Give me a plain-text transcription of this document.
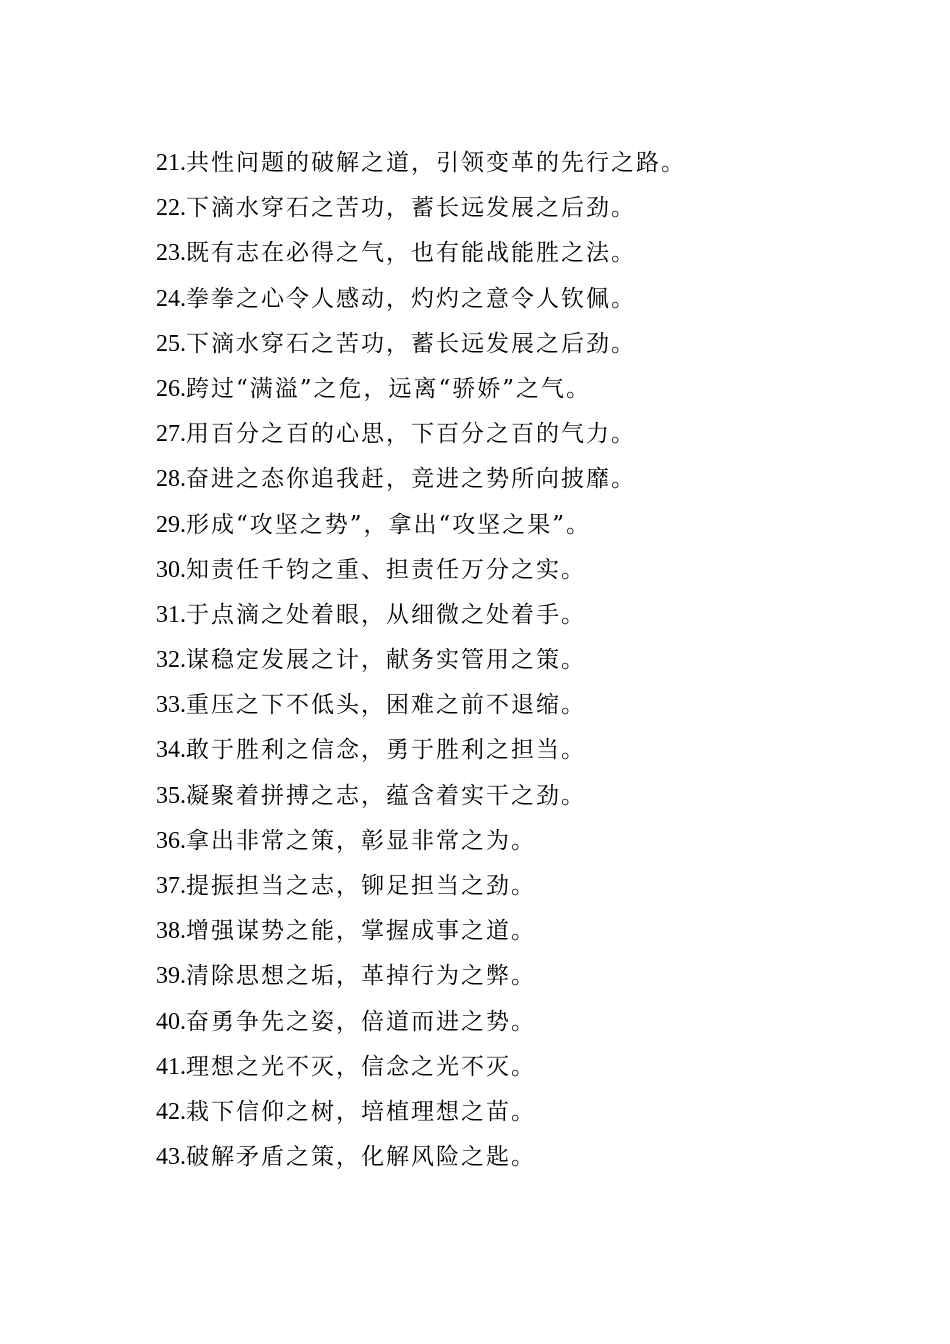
21.共性问题的破解之道，引领变革的先行之路。
22.下滴水穿石之苦功，蓄长远发展之后劲。
23.既有志在必得之气，也有能战能胜之法。
24.拳拳之心令人感动，灼灼之意令人钦佩。
25.下滴水穿石之苦功，蓄长远发展之后劲。
26.跨过“满溢”之危，远离“骄娇”之气。
27.用百分之百的心思，下百分之百的气力。
28.奋进之态你追我赶，竞进之势所向披靡。
29.形成“攻坚之势”，拿出“攻坚之果”。
30.知责任千钧之重、担责任万分之实。
31.于点滴之处着眼，从细微之处着手。
32.谋稳定发展之计，献务实管用之策。
33.重压之下不低头，困难之前不退缩。
34.敢于胜利之信念，勇于胜利之担当。
35.凝聚着拼搏之志，蕴含着实干之劲。
36.拿出非常之策，彰显非常之为。
37.提振担当之志，铆足担当之劲。
38.增强谋势之能，掌握成事之道。
39.清除思想之垢，革掉行为之弊。
40.奋勇争先之姿，倍道而进之势。
41.理想之光不灭，信念之光不灭。
42.栽下信仰之树，培植理想之苗。
43.破解矛盾之策，化解风险之匙。
